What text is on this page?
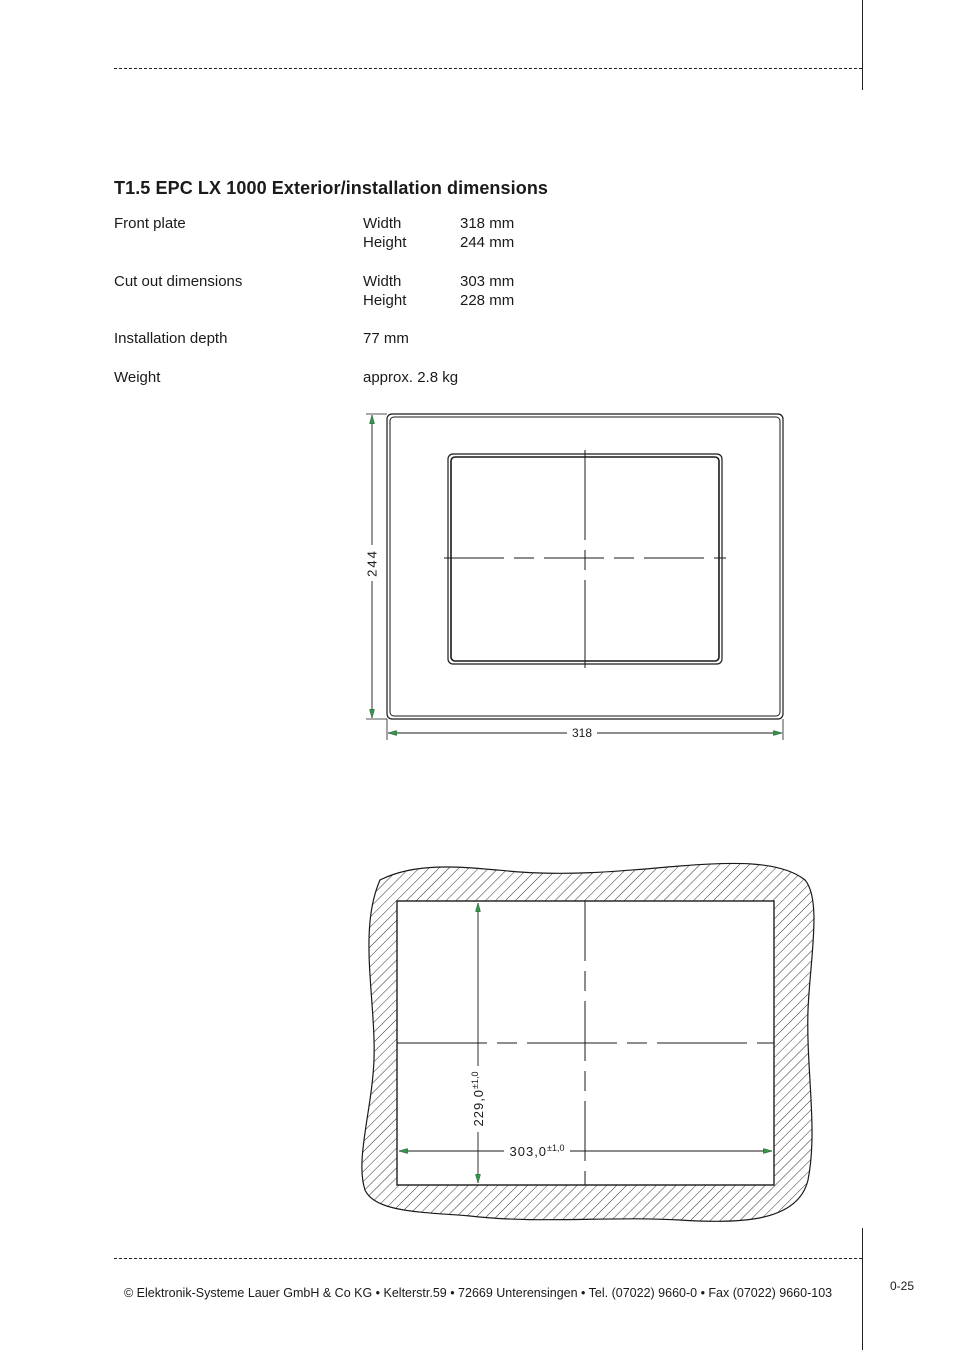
T1.5 EPC LX 1000 Exterior/installation dimensions
Front plate	Width	318 mm
Height	244 mm
Cut out dimensions	Width	303 mm
Height	228 mm
Installation depth	77 mm
Weight	approx. 2.8 kg
244
318
229,0±1,0
303,0±1,0
© Elektronik-Systeme Lauer GmbH & Co KG • Kelterstr.59 • 72669 Unterensingen • Tel. (07022) 9660-0 • Fax (07022) 9660-103	0-25
